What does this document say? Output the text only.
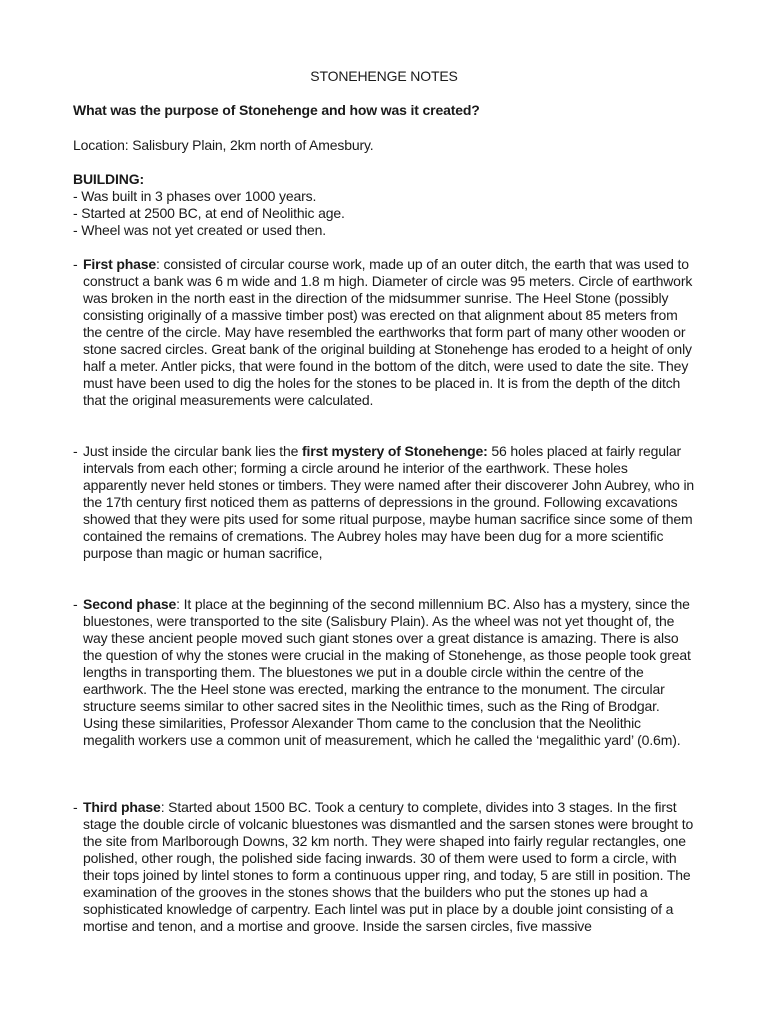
STONEHENGE NOTES

What was the purpose of Stonehenge and how was it created?

Location: Salisbury Plain, 2km north of Amesbury.

BUILDING:

- Was built in 3 phases over 1000 years.
- Started at 2500 BC, at end of Neolithic age.
- Wheel was not yet created or used then.
- First phase: consisted of circular course work, made up of an outer ditch, the earth that was used to construct a bank was 6 m wide and 1.8 m high. Diameter of circle was 95 meters. Circle of earthwork was broken in the north east in the direction of the midsummer sunrise. The Heel Stone (possibly consisting originally of a massive timber post) was erected on that alignment about 85 meters from the centre of the circle. May have resembled the earthworks that form part of many other wooden or stone sacred circles. Great bank of the original building at Stonehenge has eroded to a height of only half a meter. Antler picks, that were found in the bottom of the ditch, were used to date the site. They must have been used to dig the holes for the stones to be placed in. It is from the depth of the ditch that the original measurements were calculated.
- Just inside the circular bank lies the first mystery of Stonehenge: 56 holes placed at fairly regular intervals from each other; forming a circle around he interior of the earthwork. These holes apparently never held stones or timbers. They were named after their discoverer John Aubrey, who in the 17th century first noticed them as patterns of depressions in the ground. Following excavations showed that they were pits used for some ritual purpose, maybe human sacrifice since some of them contained the remains of cremations. The Aubrey holes may have been dug for a more scientific purpose than magic or human sacrifice,
- Second phase: It place at the beginning of the second millennium BC. Also has a mystery, since the bluestones, were transported to the site (Salisbury Plain). As the wheel was not yet thought of, the way these ancient people moved such giant stones over a great distance is amazing. There is also the question of why the stones were crucial in the making of Stonehenge, as those people took great lengths in transporting them. The bluestones we put in a double circle within the centre of the earthwork. The the Heel stone was erected, marking the entrance to the monument. The circular structure seems similar to other sacred sites in the Neolithic times, such as the Ring of Brodgar. Using these similarities, Professor Alexander Thom came to the conclusion that the Neolithic megalith workers use a common unit of measurement, which he called the ‘megalithic yard’ (0.6m).
- Third phase: Started about 1500 BC. Took a century to complete, divides into 3 stages. In the first stage the double circle of volcanic bluestones was dismantled and the sarsen stones were brought to the site from Marlborough Downs, 32 km north. They were shaped into fairly regular rectangles, one polished, other rough, the polished side facing inwards. 30 of them were used to form a circle, with their tops joined by lintel stones to form a continuous upper ring, and today, 5 are still in position. The examination of the grooves in the stones shows that the builders who put the stones up had a sophisticated knowledge of carpentry. Each lintel was put in place by a double joint consisting of a mortise and tenon, and a mortise and groove. Inside the sarsen circles, five massive
